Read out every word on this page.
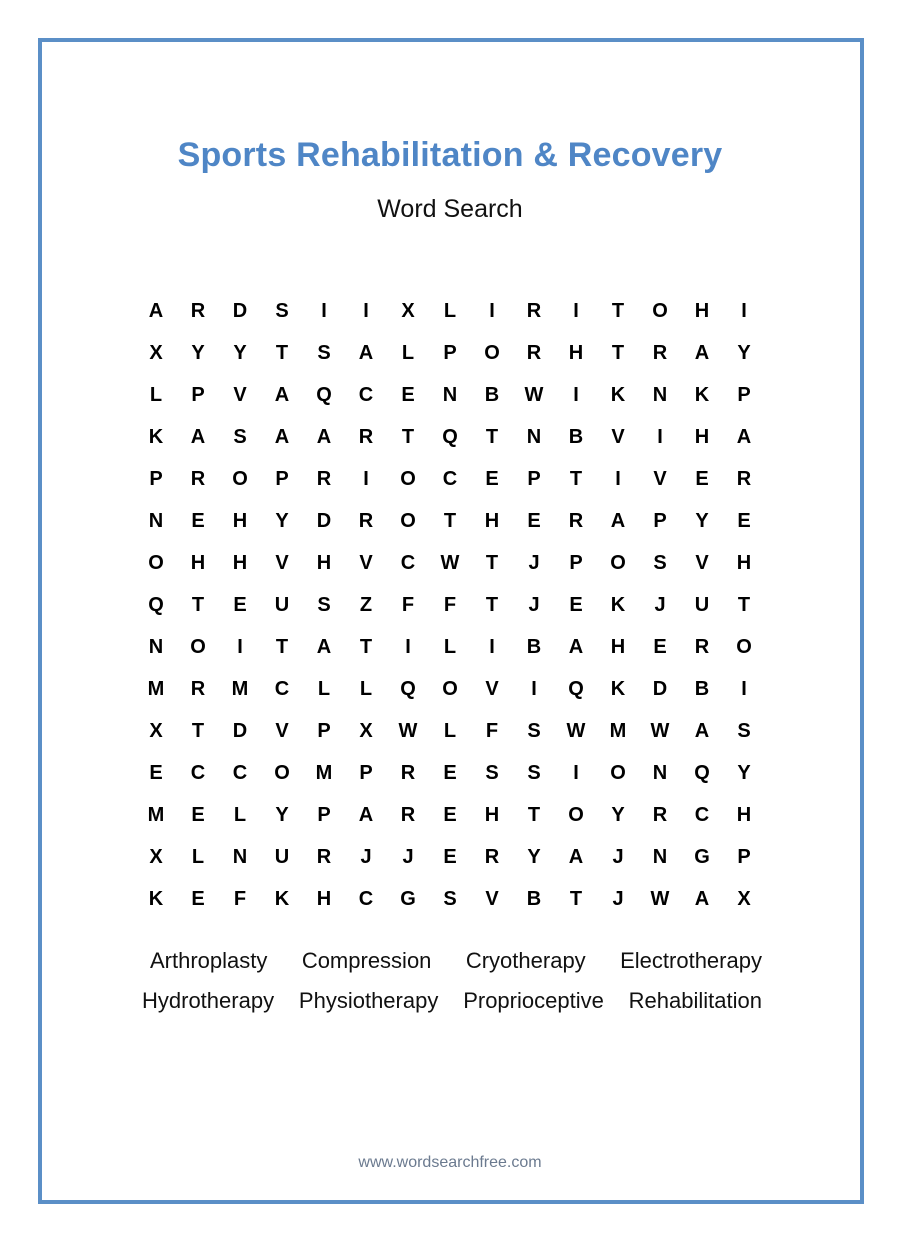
Sports Rehabilitation & Recovery
Word Search
A	R	D	S	I	I	X	L	I	R	I	T	O	H	I
X	Y	Y	T	S	A	L	P	O	R	H	T	R	A	Y
L	P	V	A	Q	C	E	N	B	W	I	K	N	K	P
K	A	S	A	A	R	T	Q	T	N	B	V	I	H	A
P	R	O	P	R	I	O	C	E	P	T	I	V	E	R
N	E	H	Y	D	R	O	T	H	E	R	A	P	Y	E
O	H	H	V	H	V	C	W	T	J	P	O	S	V	H
Q	T	E	U	S	Z	F	F	T	J	E	K	J	U	T
N	O	I	T	A	T	I	L	I	B	A	H	E	R	O
M	R	M	C	L	L	Q	O	V	I	Q	K	D	B	I
X	T	D	V	P	X	W	L	F	S	W	M	W	A	S
E	C	C	O	M	P	R	E	S	S	I	O	N	Q	Y
M	E	L	Y	P	A	R	E	H	T	O	Y	R	C	H
X	L	N	U	R	J	J	E	R	Y	A	J	N	G	P
K	E	F	K	H	C	G	S	V	B	T	J	W	A	X
Arthroplasty Compression Cryotherapy Electrotherapy
Hydrotherapy Physiotherapy Proprioceptive Rehabilitation
www.wordsearchfree.com
